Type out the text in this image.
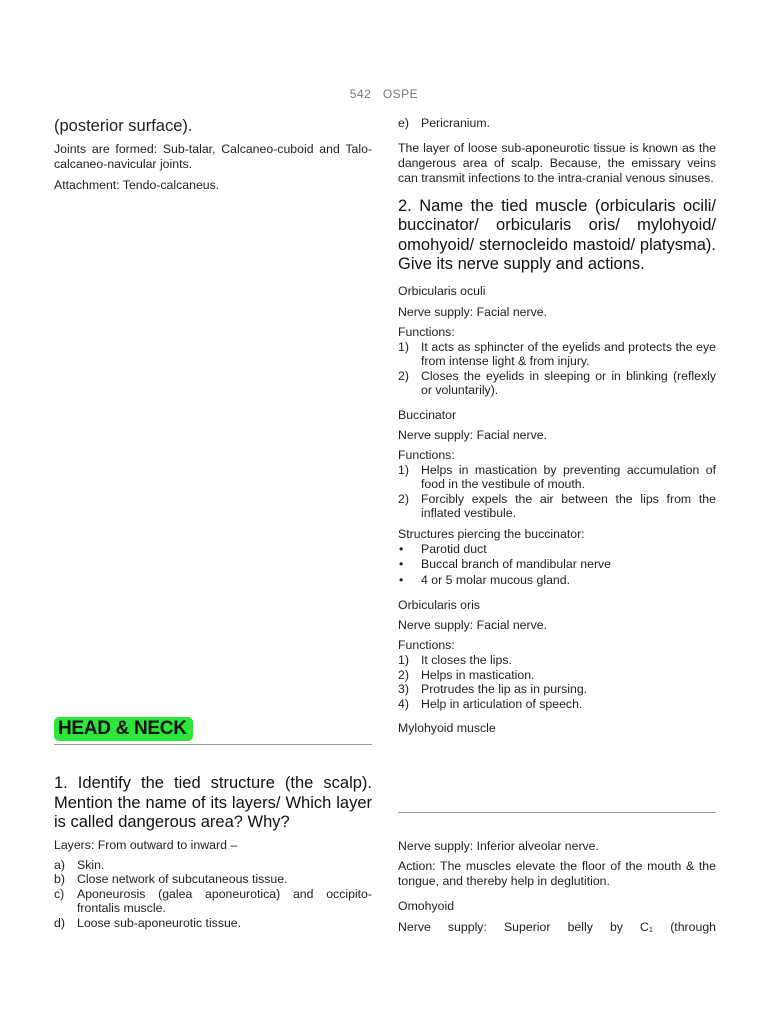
542 OSPE

(posterior surface).

Joints are formed: Sub-talar, Calcaneo-cuboid and Talo-calcaneo-navicular joints.

Attachment: Tendo-calcaneus.

HEAD & NECK

1. Identify the tied structure (the scalp). Mention the name of its layers/ Which layer is called dangerous area? Why?

Layers: From outward to inward –

a) Skin.
b) Close network of subcutaneous tissue.
c) Aponeurosis (galea aponeurotica) and occipito-frontalis muscle.
d) Loose sub-aponeurotic tissue.
e) Pericranium.

The layer of loose sub-aponeurotic tissue is known as the dangerous area of scalp. Because, the emissary veins can transmit infections to the intra-cranial venous sinuses.

2. Name the tied muscle (orbicularis ocili/ buccinator/ orbicularis oris/ mylohyoid/ omohyoid/ sternocleido mastoid/ platysma). Give its nerve supply and actions.

Orbicularis oculi

Nerve supply: Facial nerve.

Functions:

1) It acts as sphincter of the eyelids and protects the eye from intense light & from injury.
2) Closes the eyelids in sleeping or in blinking (reflexly or voluntarily).

Buccinator

Nerve supply: Facial nerve.

Functions:

1) Helps in mastication by preventing accumulation of food in the vestibule of mouth.
2) Forcibly expels the air between the lips from the inflated vestibule.

Structures piercing the buccinator:

• Parotid duct
• Buccal branch of mandibular nerve
• 4 or 5 molar mucous gland.

Orbicularis oris

Nerve supply: Facial nerve.

Functions:

1) It closes the lips.
2) Helps in mastication.
3) Protrudes the lip as in pursing.
4) Help in articulation of speech.

Mylohyoid muscle

Nerve supply: Inferior alveolar nerve.

Action: The muscles elevate the floor of the mouth & the tongue, and thereby help in deglutition.

Omohyoid

Nerve supply: Superior belly by C₁ (through
